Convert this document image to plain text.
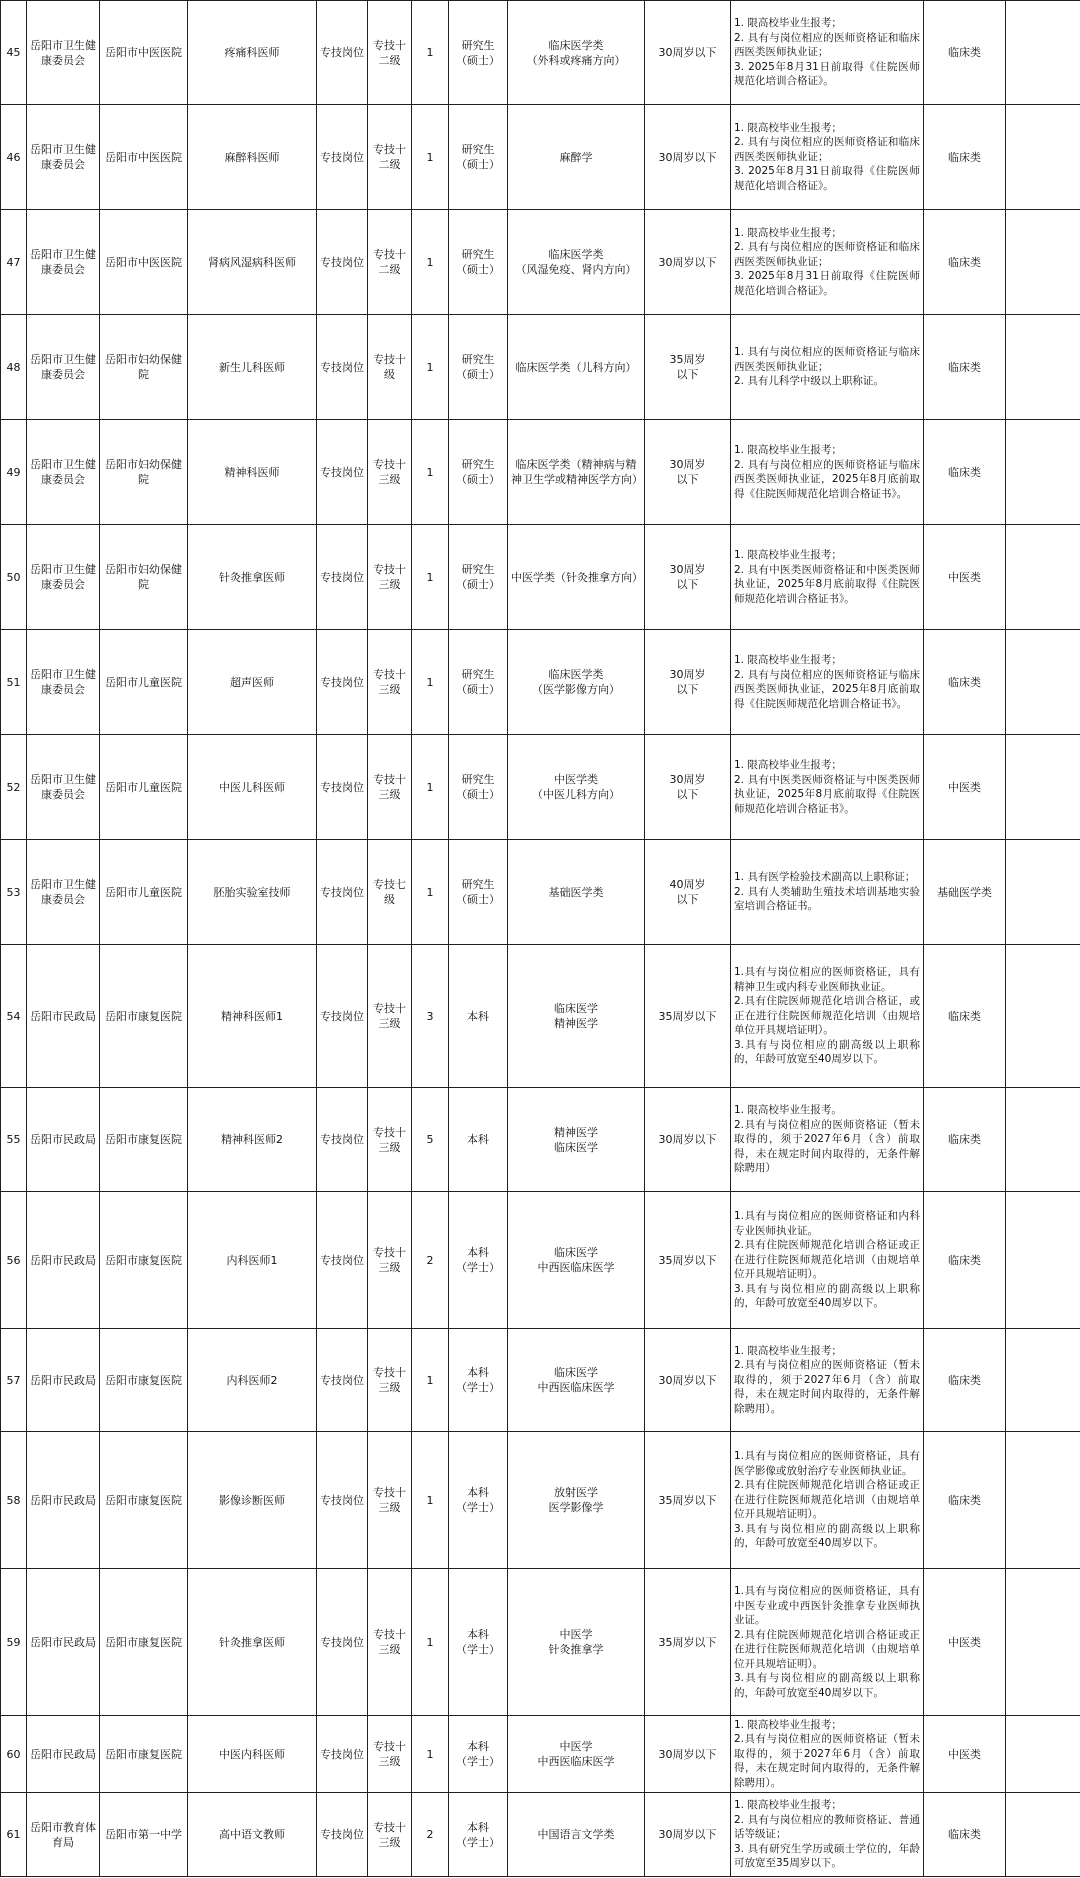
45	岳阳市卫生健康委员会	岳阳市中医医院	疼痛科医师	专技岗位	专技十二级	1	研究生
（硕士）	临床医学类
（外科或疼痛方向）	30周岁以下	1. 限高校毕业生报考；
2. 具有与岗位相应的医师资格证和临床西医类医师执业证；
3. 2025年8月31日前取得《住院医师规范化培训合格证》。	临床类	
46	岳阳市卫生健康委员会	岳阳市中医医院	麻醉科医师	专技岗位	专技十二级	1	研究生
（硕士）	麻醉学	30周岁以下	1. 限高校毕业生报考；
2. 具有与岗位相应的医师资格证和临床西医类医师执业证；
3. 2025年8月31日前取得《住院医师规范化培训合格证》。	临床类	
47	岳阳市卫生健康委员会	岳阳市中医医院	肾病风湿病科医师	专技岗位	专技十二级	1	研究生
（硕士）	临床医学类
（风湿免疫、肾内方向）	30周岁以下	1. 限高校毕业生报考；
2. 具有与岗位相应的医师资格证和临床西医类医师执业证；
3. 2025年8月31日前取得《住院医师规范化培训合格证》。	临床类	
48	岳阳市卫生健康委员会	岳阳市妇幼保健院	新生儿科医师	专技岗位	专技十级	1	研究生
（硕士）	临床医学类（儿科方向）	35周岁
以下	1. 具有与岗位相应的医师资格证与临床西医类医师执业证；
2. 具有儿科学中级以上职称证。	临床类	
49	岳阳市卫生健康委员会	岳阳市妇幼保健院	精神科医师	专技岗位	专技十三级	1	研究生
（硕士）	临床医学类（精神病与精神卫生学或精神医学方向）	30周岁
以下	1. 限高校毕业生报考；
2. 具有与岗位相应的医师资格证与临床西医类医师执业证，2025年8月底前取得《住院医师规范化培训合格证书》。	临床类	
50	岳阳市卫生健康委员会	岳阳市妇幼保健院	针灸推拿医师	专技岗位	专技十三级	1	研究生
（硕士）	中医学类（针灸推拿方向）	30周岁
以下	1. 限高校毕业生报考；
2. 具有中医类医师资格证和中医类医师执业证，2025年8月底前取得《住院医师规范化培训合格证书》。	中医类	
51	岳阳市卫生健康委员会	岳阳市儿童医院	超声医师	专技岗位	专技十三级	1	研究生
（硕士）	临床医学类
（医学影像方向）	30周岁
以下	1. 限高校毕业生报考；
2. 具有与岗位相应的医师资格证与临床西医类医师执业证，2025年8月底前取得《住院医师规范化培训合格证书》。	临床类	
52	岳阳市卫生健康委员会	岳阳市儿童医院	中医儿科医师	专技岗位	专技十三级	1	研究生
（硕士）	中医学类
（中医儿科方向）	30周岁
以下	1. 限高校毕业生报考；
2. 具有中医类医师资格证与中医类医师执业证，2025年8月底前取得《住院医师规范化培训合格证书》。	中医类	
53	岳阳市卫生健康委员会	岳阳市儿童医院	胚胎实验室技师	专技岗位	专技七级	1	研究生
（硕士）	基础医学类	40周岁
以下	1. 具有医学检验技术副高以上职称证；
2. 具有人类辅助生殖技术培训基地实验室培训合格证书。	基础医学类	
54	岳阳市民政局	岳阳市康复医院	精神科医师1	专技岗位	专技十三级	3	本科	临床医学
精神医学	35周岁以下	1.具有与岗位相应的医师资格证，具有精神卫生或内科专业医师执业证。
2.具有住院医师规范化培训合格证，或正在进行住院医师规范化培训（由规培单位开具规培证明）。
3.具有与岗位相应的副高级以上职称的，年龄可放宽至40周岁以下。	临床类	
55	岳阳市民政局	岳阳市康复医院	精神科医师2	专技岗位	专技十三级	5	本科	精神医学
临床医学	30周岁以下	1. 限高校毕业生报考。
2.具有与岗位相应的医师资格证（暂未取得的，须于2027年6月（含）前取得，未在规定时间内取得的，无条件解除聘用）	临床类	
56	岳阳市民政局	岳阳市康复医院	内科医师1	专技岗位	专技十三级	2	本科
（学士）	临床医学
中西医临床医学	35周岁以下	1.具有与岗位相应的医师资格证和内科专业医师执业证。
2.具有住院医师规范化培训合格证或正在进行住院医师规范化培训（由规培单位开具规培证明）。
3.具有与岗位相应的副高级以上职称的，年龄可放宽至40周岁以下。	临床类	
57	岳阳市民政局	岳阳市康复医院	内科医师2	专技岗位	专技十三级	1	本科
（学士）	临床医学
中西医临床医学	30周岁以下	1. 限高校毕业生报考；
2.具有与岗位相应的医师资格证（暂未取得的，须于2027年6月（含）前取得，未在规定时间内取得的，无条件解除聘用）。	临床类	
58	岳阳市民政局	岳阳市康复医院	影像诊断医师	专技岗位	专技十三级	1	本科
（学士）	放射医学
医学影像学	35周岁以下	1.具有与岗位相应的医师资格证，具有医学影像或放射治疗专业医师执业证。
2.具有住院医师规范化培训合格证或正在进行住院医师规范化培训（由规培单位开具规培证明）。
3.具有与岗位相应的副高级以上职称的，年龄可放宽至40周岁以下。	临床类	
59	岳阳市民政局	岳阳市康复医院	针灸推拿医师	专技岗位	专技十三级	1	本科
（学士）	中医学
针灸推拿学	35周岁以下	1.具有与岗位相应的医师资格证，具有中医专业或中西医针灸推拿专业医师执业证。
2.具有住院医师规范化培训合格证或正在进行住院医师规范化培训（由规培单位开具规培证明）。
3.具有与岗位相应的副高级以上职称的，年龄可放宽至40周岁以下。	中医类	
60	岳阳市民政局	岳阳市康复医院	中医内科医师	专技岗位	专技十三级	1	本科
（学士）	中医学
中西医临床医学	30周岁以下	1. 限高校毕业生报考；
2.具有与岗位相应的医师资格证（暂未取得的，须于2027年6月（含）前取得，未在规定时间内取得的，无条件解除聘用）。	中医类	
61	岳阳市教育体育局	岳阳市第一中学	高中语文教师	专技岗位	专技十三级	2	本科
（学士）	中国语言文学类	30周岁以下	1. 限高校毕业生报考；
2. 具有与岗位相应的教师资格证、普通话等级证；
3. 具有研究生学历或硕士学位的，年龄可放宽至35周岁以下。	临床类	
